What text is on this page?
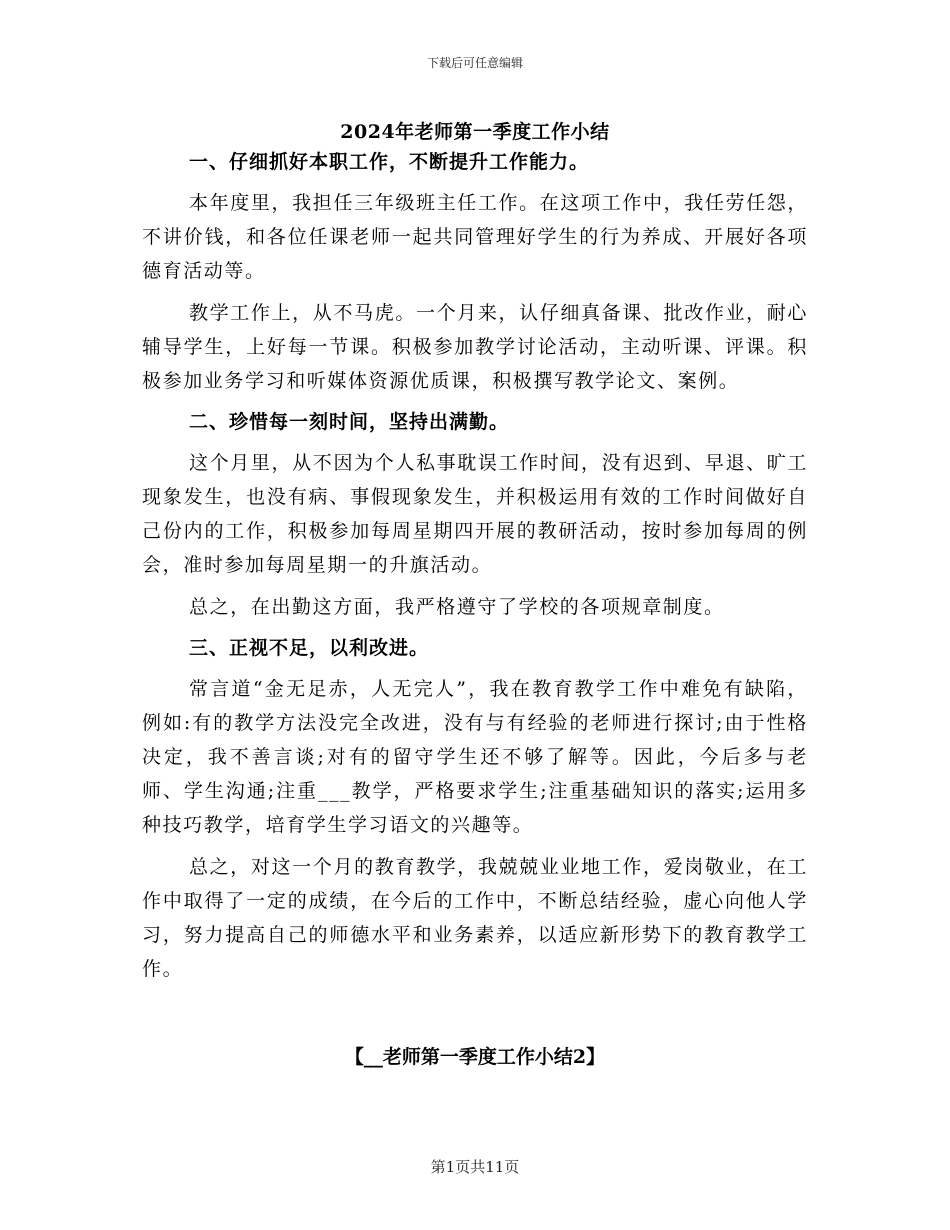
下载后可任意编辑
2024年老师第一季度工作小结
一、仔细抓好本职工作，不断提升工作能力。

本年度里，我担任三年级班主任工作。在这项工作中，我任劳任怨，不讲价钱，和各位任课老师一起共同管理好学生的行为养成、开展好各项德育活动等。

教学工作上，从不马虎。一个月来，认仔细真备课、批改作业，耐心辅导学生，上好每一节课。积极参加教学讨论活动，主动听课、评课。积极参加业务学习和听媒体资源优质课，积极撰写教学论文、案例。

二、珍惜每一刻时间，坚持出满勤。

这个月里，从不因为个人私事耽误工作时间，没有迟到、早退、旷工现象发生，也没有病、事假现象发生，并积极运用有效的工作时间做好自己份内的工作，积极参加每周星期四开展的教研活动，按时参加每周的例会，准时参加每周星期一的升旗活动。

总之，在出勤这方面，我严格遵守了学校的各项规章制度。

三、正视不足，以利改进。

常言道“金无足赤，人无完人”，我在教育教学工作中难免有缺陷，例如:有的教学方法没完全改进，没有与有经验的老师进行探讨;由于性格决定，我不善言谈;对有的留守学生还不够了解等。因此，今后多与老师、学生沟通;注重___教学，严格要求学生;注重基础知识的落实;运用多种技巧教学，培育学生学习语文的兴趣等。

总之，对这一个月的教育教学，我兢兢业业地工作，爱岗敬业，在工作中取得了一定的成绩，在今后的工作中，不断总结经验，虚心向他人学习，努力提高自己的师德水平和业务素养，以适应新形势下的教育教学工作。

【__老师第一季度工作小结2】
第1页共11页
